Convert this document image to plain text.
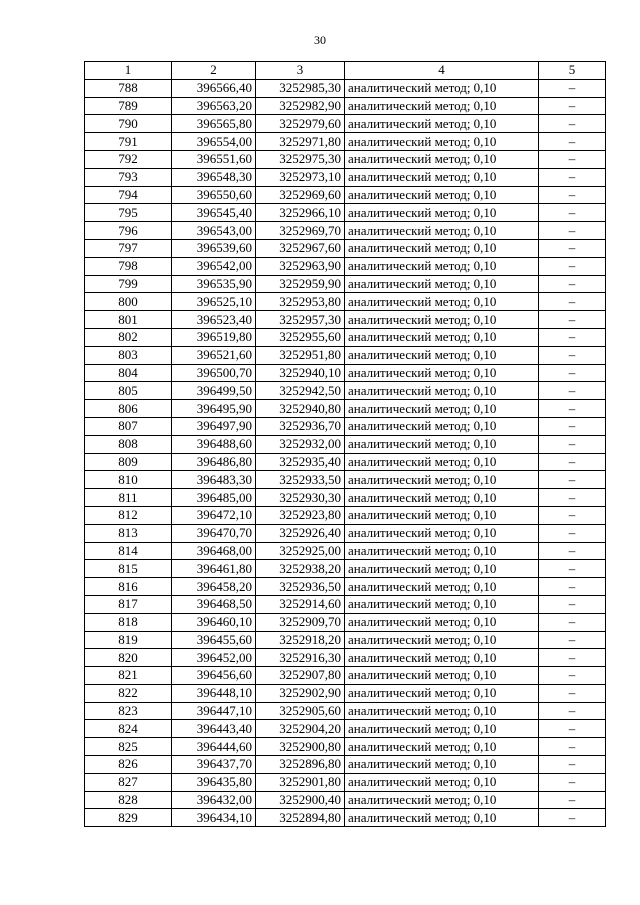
30
1	2	3	4	5
788	396566,40	3252985,30	аналитический метод; 0,10	–
789	396563,20	3252982,90	аналитический метод; 0,10	–
790	396565,80	3252979,60	аналитический метод; 0,10	–
791	396554,00	3252971,80	аналитический метод; 0,10	–
792	396551,60	3252975,30	аналитический метод; 0,10	–
793	396548,30	3252973,10	аналитический метод; 0,10	–
794	396550,60	3252969,60	аналитический метод; 0,10	–
795	396545,40	3252966,10	аналитический метод; 0,10	–
796	396543,00	3252969,70	аналитический метод; 0,10	–
797	396539,60	3252967,60	аналитический метод; 0,10	–
798	396542,00	3252963,90	аналитический метод; 0,10	–
799	396535,90	3252959,90	аналитический метод; 0,10	–
800	396525,10	3252953,80	аналитический метод; 0,10	–
801	396523,40	3252957,30	аналитический метод; 0,10	–
802	396519,80	3252955,60	аналитический метод; 0,10	–
803	396521,60	3252951,80	аналитический метод; 0,10	–
804	396500,70	3252940,10	аналитический метод; 0,10	–
805	396499,50	3252942,50	аналитический метод; 0,10	–
806	396495,90	3252940,80	аналитический метод; 0,10	–
807	396497,90	3252936,70	аналитический метод; 0,10	–
808	396488,60	3252932,00	аналитический метод; 0,10	–
809	396486,80	3252935,40	аналитический метод; 0,10	–
810	396483,30	3252933,50	аналитический метод; 0,10	–
811	396485,00	3252930,30	аналитический метод; 0,10	–
812	396472,10	3252923,80	аналитический метод; 0,10	–
813	396470,70	3252926,40	аналитический метод; 0,10	–
814	396468,00	3252925,00	аналитический метод; 0,10	–
815	396461,80	3252938,20	аналитический метод; 0,10	–
816	396458,20	3252936,50	аналитический метод; 0,10	–
817	396468,50	3252914,60	аналитический метод; 0,10	–
818	396460,10	3252909,70	аналитический метод; 0,10	–
819	396455,60	3252918,20	аналитический метод; 0,10	–
820	396452,00	3252916,30	аналитический метод; 0,10	–
821	396456,60	3252907,80	аналитический метод; 0,10	–
822	396448,10	3252902,90	аналитический метод; 0,10	–
823	396447,10	3252905,60	аналитический метод; 0,10	–
824	396443,40	3252904,20	аналитический метод; 0,10	–
825	396444,60	3252900,80	аналитический метод; 0,10	–
826	396437,70	3252896,80	аналитический метод; 0,10	–
827	396435,80	3252901,80	аналитический метод; 0,10	–
828	396432,00	3252900,40	аналитический метод; 0,10	–
829	396434,10	3252894,80	аналитический метод; 0,10	–
